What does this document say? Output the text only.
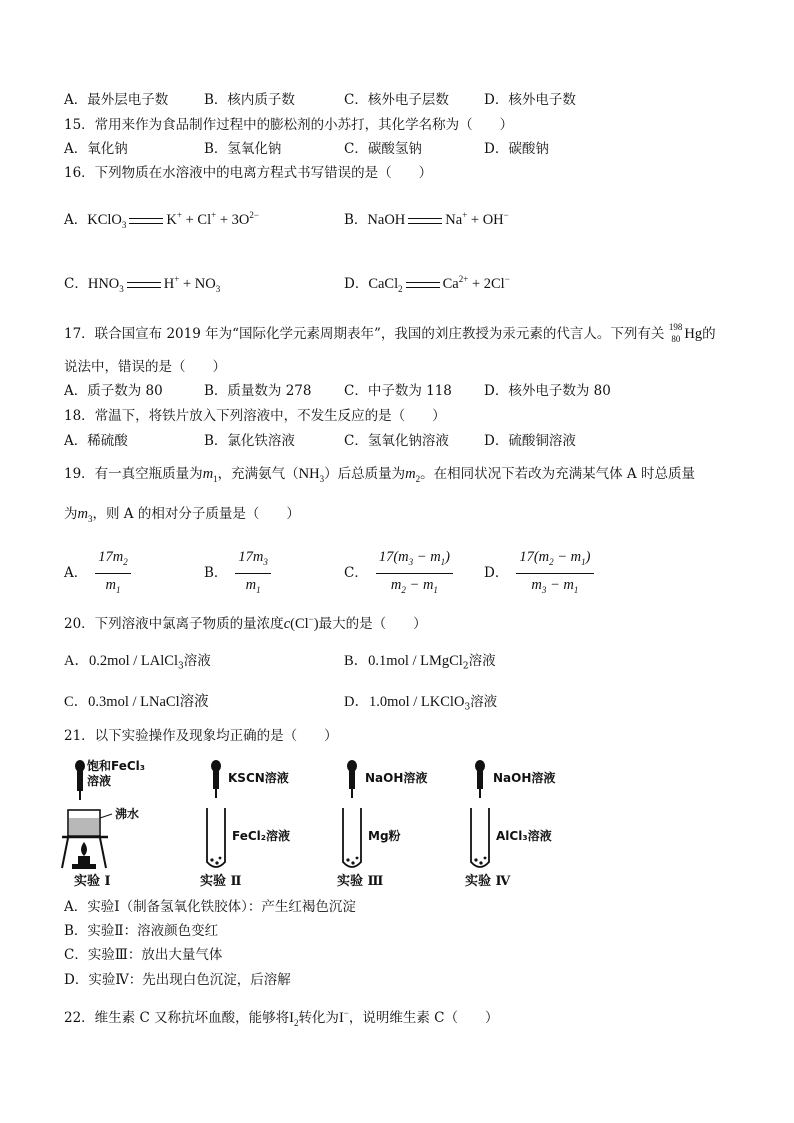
A．最外层电子数	B．核内质子数	C．核外电子层数	D．核外电子数
15．常用来作为食品制作过程中的膨松剂的小苏打，其化学名称为（　　）
A．氧化钠	B．氢氧化钠	C．碳酸氢钠	D．碳酸钠
16．下列物质在水溶液中的电离方程式书写错误的是（　　）
A．KClO$_3$	$K^+ + Cl^+ + 3O^{2-}$	B．NaOH	Na+ + OH−
C．$HNO_3$	$H^+ + NO_3$	D．CaCl$_2$	$Ca^{2+} + 2Cl^-$
17．联合国宣布 2019 年为“国际化学元素周期表年”，我国的刘庄教授为汞元素的代言人。下列有关 198
80 Hg的
说法中，错误的是（　　）
A．质子数为 80	B．质量数为 278 C．中子数为 118 D．核外电子数为 80
18．常温下，将铁片放入下列溶液中，不发生反应的是（　　）
A．稀硫酸	B．氯化铁溶液	C．氢氧化钠溶液	D．硫酸铜溶液
19．有一真空瓶质量为$m_1$，充满氨气$(NH_3)$后总质量为$m_2$。在相同状况下若改为充满某气体 A 时总质量
为$m_3$，则 A 的相对分子质量是（　　）
A． $\frac{17m_2}{m_1}$	B． $\frac{17m_3}{m_1}$	C． $\frac{17(m_3 - m_1)}{m_2 - m_1}$ D． $\frac{17(m_2 - m_1)}{m_3 - m_1}$
20．下列溶液中氯离子物质的量浓度c(Cl−)最大的是（　　）
A．0.2mol / LAlCl$_3$溶液	B．0.1mol / LMgCl$_2$溶液
C．0.3mol / LNaCl溶液	D．1.0mol / LKClO$_3$溶液
21．以下实验操作及现象均正确的是（　　）
饱和FeCl₃
溶液
沸水
实验 Ⅰ
KSCN溶液
FeCl₂溶液
实验 Ⅱ
NaOH溶液
Mg粉
实验 Ⅲ
NaOH溶液
AlCl₃溶液
实验 Ⅳ
A．实验Ⅰ（制备氢氧化铁胶体）：产生红褐色沉淀
B．实验Ⅱ：溶液颜色变红
C．实验Ⅲ：放出大量气体
D．实验Ⅳ：先出现白色沉淀，后溶解
22．维生素 C 又称抗坏血酸，能够将$I_2$转化为I−，说明维生素 C（　　）
